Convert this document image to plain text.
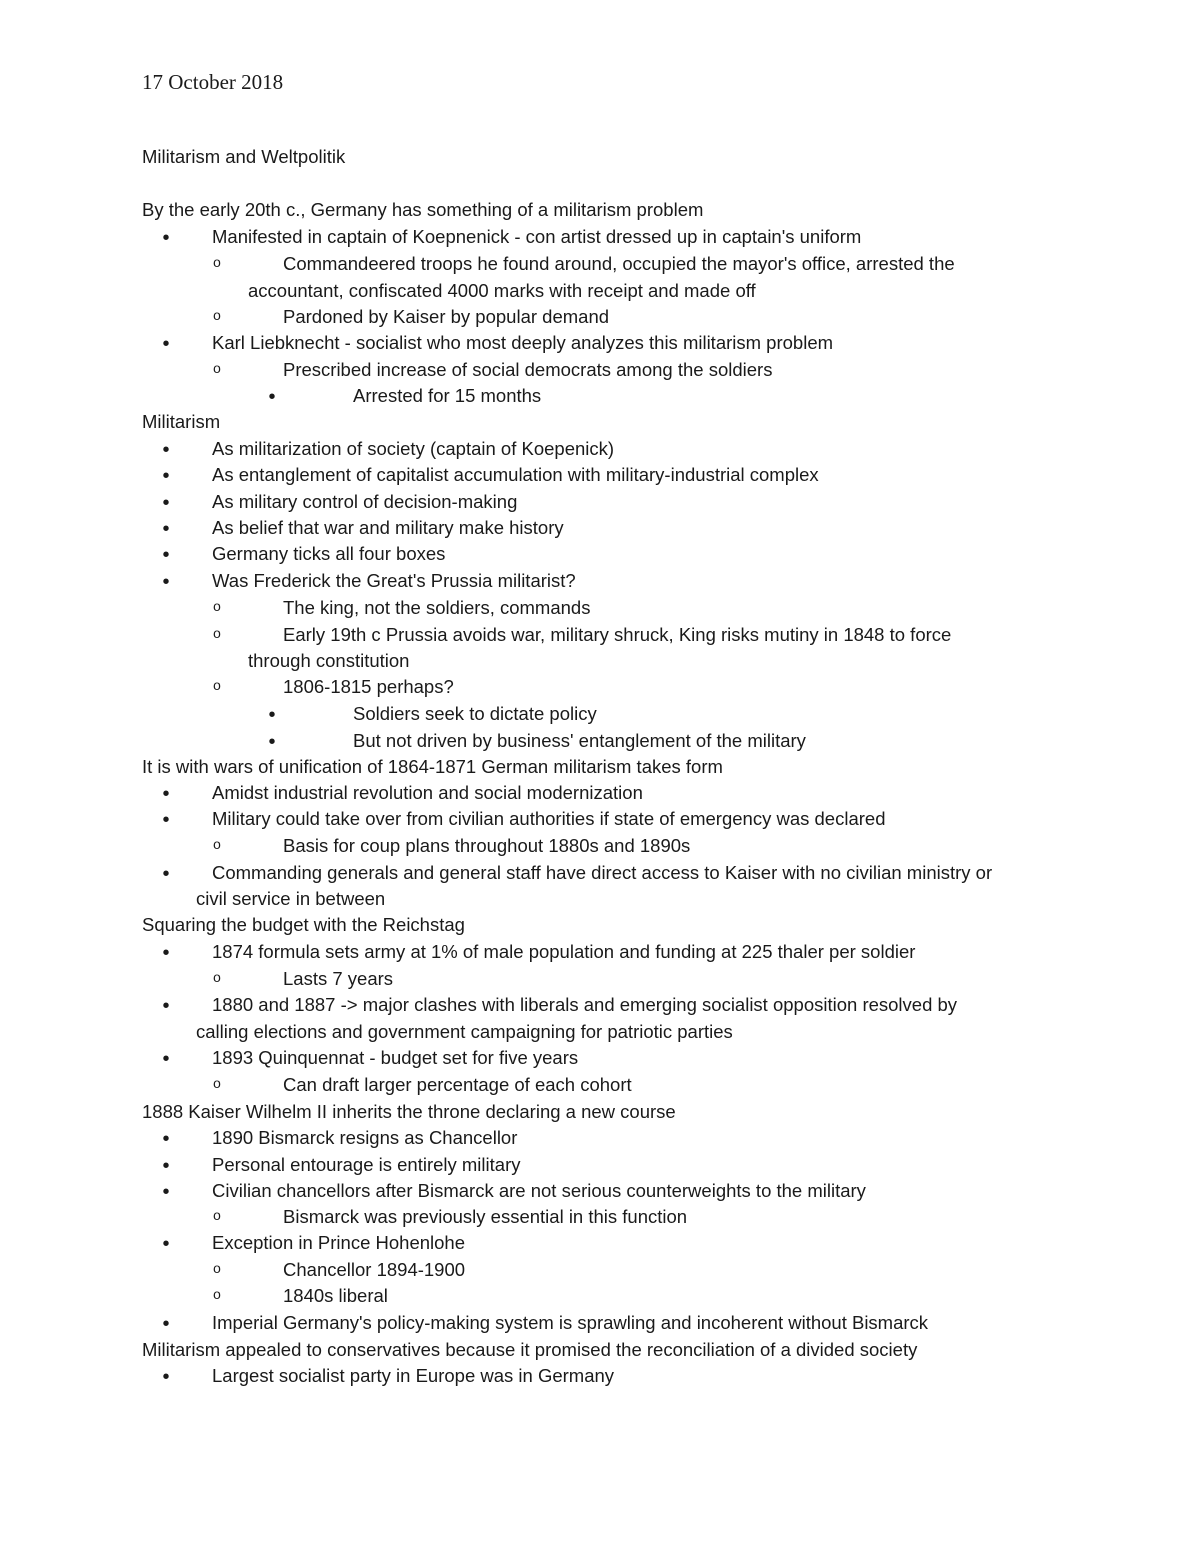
17 October 2018
Militarism and Weltpolitik
By the early 20th c., Germany has something of a militarism problem
• Manifested in captain of Koepnenick - con artist dressed up in captain's uniform
o	Commandeered troops he found around, occupied the mayor's office, arrested the
accountant, confiscated 4000 marks with receipt and made off
o	Pardoned by Kaiser by popular demand
• Karl Liebknecht - socialist who most deeply analyzes this militarism problem
o	Prescribed increase of social democrats among the soldiers
•	Arrested for 15 months
Militarism
• As militarization of society (captain of Koepenick)
• As entanglement of capitalist accumulation with military-industrial complex
• As military control of decision-making
• As belief that war and military make history
• Germany ticks all four boxes
• Was Frederick the Great's Prussia militarist?
o	The king, not the soldiers, commands
o	Early 19th c Prussia avoids war, military shruck, King risks mutiny in 1848 to force
through constitution
o	1806-1815 perhaps?
•	Soldiers seek to dictate policy
•	But not driven by business' entanglement of the military
It is with wars of unification of 1864-1871 German militarism takes form
• Amidst industrial revolution and social modernization
• Military could take over from civilian authorities if state of emergency was declared
o	Basis for coup plans throughout 1880s and 1890s
• Commanding generals and general staff have direct access to Kaiser with no civilian ministry or
civil service in between
Squaring the budget with the Reichstag
• 1874 formula sets army at 1% of male population and funding at 225 thaler per soldier
o	Lasts 7 years
• 1880 and 1887 -> major clashes with liberals and emerging socialist opposition resolved by
calling elections and government campaigning for patriotic parties
• 1893 Quinquennat - budget set for five years
o	Can draft larger percentage of each cohort
1888 Kaiser Wilhelm II inherits the throne declaring a new course
• 1890 Bismarck resigns as Chancellor
• Personal entourage is entirely military
• Civilian chancellors after Bismarck are not serious counterweights to the military
o	Bismarck was previously essential in this function
• Exception in Prince Hohenlohe
o	Chancellor 1894-1900
o	1840s liberal
• Imperial Germany's policy-making system is sprawling and incoherent without Bismarck
Militarism appealed to conservatives because it promised the reconciliation of a divided society
• Largest socialist party in Europe was in Germany
